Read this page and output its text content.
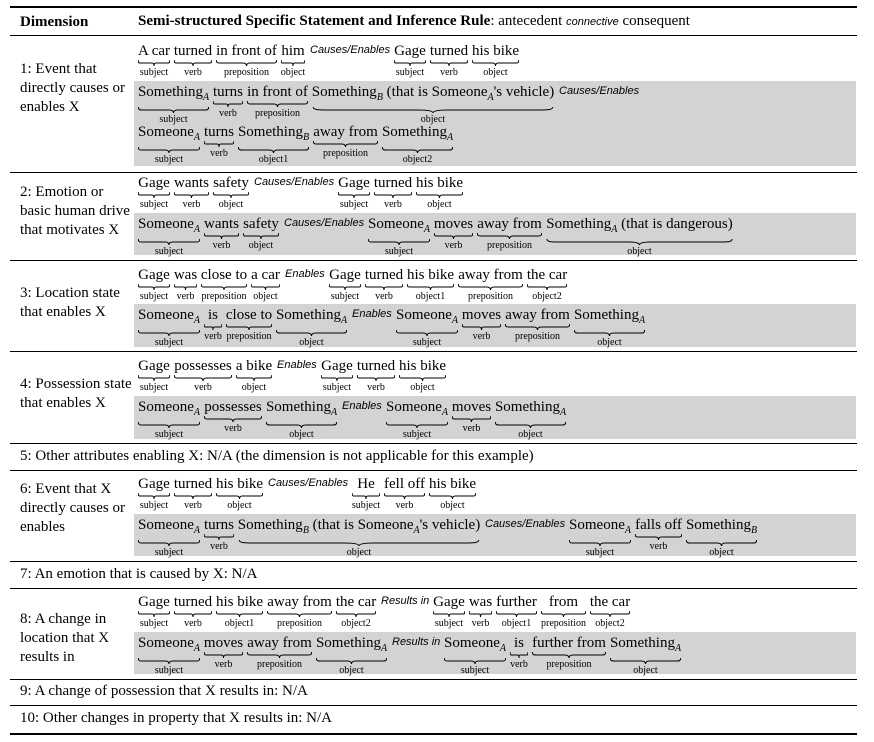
Dimension	Semi-structured Specific Statement and Inference Rule: antecedent connective consequent
1: Event that directly causes or enables X
A car
subject
turned
verb
in front of
preposition
him
object
Causes/Enables Gage
subject
turned
verb
his bike
object
Something$_A$
subject
turns
verb
in front of
preposition
Something$_B$ (that is Someone$_A$'s vehicle)
object
Causes/Enables
Someone$_A$
subject
turns
verb
Something$_B$
object1
away from
preposition
Something$_A$
object2
2: Emotion or basic human drive that motivates X
Gage
subject
wants
verb
safety
object
Causes/Enables Gage
subject
turned
verb
his bike
object
Someone$_A$
subject
wants
verb
safety
object
Causes/Enables Someone$_A$
subject
moves
verb
away from
preposition
Something$_A$ (that is dangerous)
object
3: Location state that enables X
Gage
subject
was
verb
close to
preposition
a car
object
Enables Gage
subject
turned
verb
his bike
object1
away from
preposition
the car
object2
Someone$_A$
subject
is
verb
close to
preposition
Something$_A$
object
Enables Someone$_A$
subject
moves
verb
away from
preposition
Something$_A$
object
4: Possession state that enables X
Gage
subject
possesses
verb
a bike
object
Enables Gage
subject
turned
verb
his bike
object
Someone$_A$
subject
possesses
verb
Something$_A$
object
Enables Someone$_A$
subject
moves
verb
Something$_A$
object
5: Other attributes enabling X: N/A (the dimension is not applicable for this example)
6: Event that X directly causes or enables
Gage
subject
turned
verb
his bike
object
Causes/Enables He
subject
fell off
verb
his bike
object
Someone$_A$
subject
turns
verb
Something$_B$ (that is Someone$_A$'s vehicle)
object
Causes/Enables Someone$_A$
subject
falls off
verb
Something$_B$
object
7: An emotion that is caused by X: N/A
8: A change in location that X results in
Gage
subject
turned
verb
his bike
object1
away from
preposition
the car
object2
Results in Gage
subject
was
verb
further
object1
from
preposition
the car
object2
Someone$_A$
subject
moves
verb
away from
preposition
Something$_A$
object
Results in Someone$_A$
subject
is
verb
further from
preposition
Something$_A$
object
9: A change of possession that X results in: N/A
10: Other changes in property that X results in: N/A
